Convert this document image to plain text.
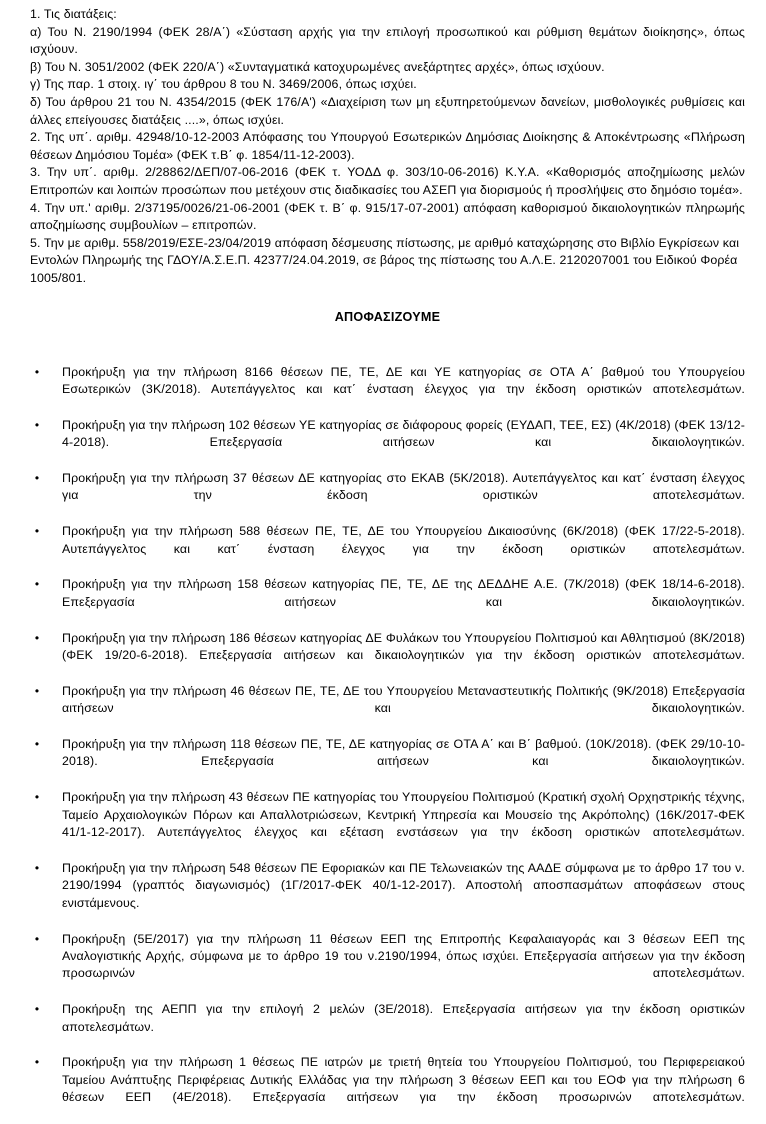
1. Τις διατάξεις:

α) Του Ν. 2190/1994 (ΦΕΚ 28/Α΄) «Σύσταση αρχής για την επιλογή προσωπικού και ρύθμιση θεμάτων διοίκησης», όπως ισχύουν.

β) Του Ν. 3051/2002 (ΦΕΚ 220/Α΄) «Συνταγματικά κατοχυρωμένες ανεξάρτητες αρχές», όπως ισχύουν.

γ) Της παρ. 1 στοιχ. ιγ΄ του άρθρου 8 του Ν. 3469/2006, όπως ισχύει.

δ) Του άρθρου 21 του Ν. 4354/2015 (ΦΕΚ 176/Α') «Διαχείριση των μη εξυπηρετούμενων δανείων, μισθολογικές ρυθμίσεις και άλλες επείγουσες διατάξεις ....», όπως ισχύει.

2. Της υπ΄. αριθμ. 42948/10-12-2003 Απόφασης του Υπουργού Εσωτερικών Δημόσιας Διοίκησης & Αποκέντρωσης «Πλήρωση θέσεων Δημόσιου Τομέα» (ΦΕΚ τ.Β΄ φ. 1854/11-12-2003).

3. Την υπ΄. αριθμ. 2/28862/ΔΕΠ/07-06-2016 (ΦΕΚ τ. ΥΟΔΔ φ. 303/10-06-2016) Κ.Υ.Α. «Καθορισμός αποζημίωσης μελών Επιτροπών και λοιπών προσώπων που μετέχουν στις διαδικασίες του ΑΣΕΠ για διορισμούς ή προσλήψεις στο δημόσιο τομέα».

4. Την υπ.' αριθμ. 2/37195/0026/21-06-2001 (ΦΕΚ τ. Β΄ φ. 915/17-07-2001) απόφαση καθορισμού δικαιολογητικών πληρωμής αποζημίωσης συμβουλίων – επιτροπών.

5. Την με αριθμ. 558/2019/ΕΣΕ-23/04/2019 απόφαση δέσμευσης πίστωσης, με αριθμό καταχώρησης στο Βιβλίο Εγκρίσεων και Εντολών Πληρωμής της ΓΔΟΥ/Α.Σ.Ε.Π. 42377/24.04.2019, σε βάρος της πίστωσης του Α.Λ.Ε. 2120207001 του Ειδικού Φορέα 1005/801.

ΑΠΟΦΑΣΙΖΟΥΜΕ
•	Προκήρυξη για την πλήρωση 8166 θέσεων ΠΕ, ΤΕ, ΔΕ και ΥΕ κατηγορίας σε ΟΤΑ Α΄ βαθμού του Υπουργείου Εσωτερικών (3Κ/2018). Αυτεπάγγελτος και κατ΄ ένσταση έλεγχος για την έκδοση οριστικών αποτελεσμάτων.
•	Προκήρυξη για την πλήρωση 102 θέσεων ΥΕ κατηγορίας σε διάφορους φορείς (ΕΥΔΑΠ, ΤΕΕ, ΕΣ) (4Κ/2018) (ΦΕΚ 13/12-4-2018). Επεξεργασία αιτήσεων και δικαιολογητικών.
•	Προκήρυξη για την πλήρωση 37 θέσεων ΔΕ κατηγορίας στο ΕΚΑΒ (5Κ/2018). Αυτεπάγγελτος και κατ΄ ένσταση έλεγχος για την έκδοση οριστικών αποτελεσμάτων.
•	Προκήρυξη για την πλήρωση 588 θέσεων ΠΕ, ΤΕ, ΔΕ του Υπουργείου Δικαιοσύνης (6Κ/2018) (ΦΕΚ 17/22-5-2018). Αυτεπάγγελτος και κατ΄ ένσταση έλεγχος για την έκδοση οριστικών αποτελεσμάτων.
•	Προκήρυξη για την πλήρωση 158 θέσεων κατηγορίας ΠΕ, ΤΕ, ΔΕ της ΔΕΔΔΗΕ Α.Ε. (7Κ/2018) (ΦΕΚ 18/14-6-2018). Επεξεργασία αιτήσεων και δικαιολογητικών.
•	Προκήρυξη για την πλήρωση 186 θέσεων κατηγορίας ΔΕ Φυλάκων του Υπουργείου Πολιτισμού και Αθλητισμού (8Κ/2018) (ΦΕΚ 19/20-6-2018). Επεξεργασία αιτήσεων και δικαιολογητικών για την έκδοση οριστικών αποτελεσμάτων.
•	Προκήρυξη για την πλήρωση 46 θέσεων ΠΕ, ΤΕ, ΔΕ του Υπουργείου Μεταναστευτικής Πολιτικής (9Κ/2018) Επεξεργασία αιτήσεων και δικαιολογητικών.
•	Προκήρυξη για την πλήρωση 118 θέσεων ΠΕ, ΤΕ, ΔΕ κατηγορίας σε ΟΤΑ Α΄ και Β΄ βαθμού. (10Κ/2018). (ΦΕΚ 29/10-10-2018). Επεξεργασία αιτήσεων και δικαιολογητικών.
•	Προκήρυξη για την πλήρωση 43 θέσεων ΠΕ κατηγορίας του Υπουργείου Πολιτισμού (Κρατική σχολή Ορχηστρικής τέχνης, Ταμείο Αρχαιολογικών Πόρων και Απαλλοτριώσεων, Κεντρική Υπηρεσία και Μουσείο της Ακρόπολης) (16Κ/2017-ΦΕΚ 41/1-12-2017). Αυτεπάγγελτος έλεγχος και εξέταση ενστάσεων για την έκδοση οριστικών αποτελεσμάτων.
•	Προκήρυξη για την πλήρωση 548 θέσεων ΠΕ Εφοριακών και ΠΕ Τελωνειακών της ΑΑΔΕ σύμφωνα με το άρθρο 17 του ν. 2190/1994 (γραπτός διαγωνισμός) (1Γ/2017-ΦΕΚ 40/1-12-2017). Αποστολή αποσπασμάτων αποφάσεων στους ενιστάμενους.
•	Προκήρυξη (5Ε/2017) για την πλήρωση 11 θέσεων ΕΕΠ της Επιτροπής Κεφαλαιαγοράς και 3 θέσεων ΕΕΠ της Αναλογιστικής Αρχής, σύμφωνα με το άρθρο 19 του ν.2190/1994, όπως ισχύει. Επεξεργασία αιτήσεων για την έκδοση προσωρινών αποτελεσμάτων.
•	Προκήρυξη της ΑΕΠΠ για την επιλογή 2 μελών (3Ε/2018). Επεξεργασία αιτήσεων για την έκδοση οριστικών αποτελεσμάτων.
•	Προκήρυξη για την πλήρωση 1 θέσεως ΠΕ ιατρών με τριετή θητεία του Υπουργείου Πολιτισμού, του Περιφερειακού Ταμείου Ανάπτυξης Περιφέρειας Δυτικής Ελλάδας για την πλήρωση 3 θέσεων ΕΕΠ και του ΕΟΦ για την πλήρωση 6 θέσεων ΕΕΠ (4Ε/2018). Επεξεργασία αιτήσεων για την έκδοση προσωρινών αποτελεσμάτων.
